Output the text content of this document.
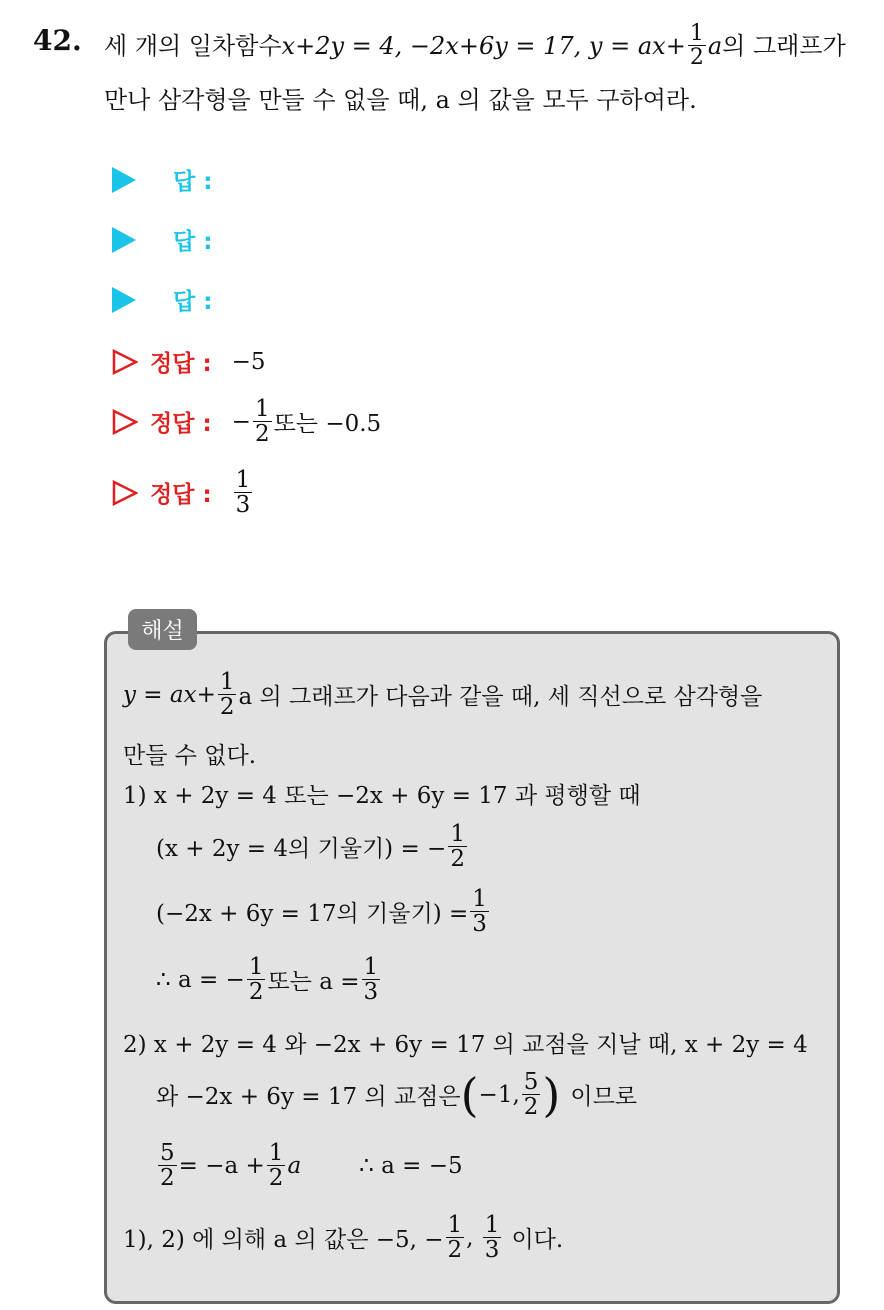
42. 세 개의 일차함수 x+2y = 4, −2x+6y = 17, $y = ax+ \frac{1}{2}$ a 의 그래프가
만나 삼각형을 만들 수 없을 때, a 의 값을 모두 구하여라.
답 :
답 :
답 :
정답 : −5
정답 : − $\frac{1}{2}$ 또는 −0.5
정답 : $\frac{1}{3}$
해설
$y = ax+ \frac{1}{2}$ a 의 그래프가 다음과 같을 때, 세 직선으로 삼각형을
만들 수 없다.
1) x + 2y = 4 또는 −2x + 6y = 17 과 평행할 때
(x + 2y = 4의 기울기) = − $\frac{1}{2}$
(−2x + 6y = 17의 기울기) = $\frac{1}{3}$
∴ a = − $\frac{1}{2}$ 또는 $a = \frac{1}{3}$
2) x + 2y = 4 와 −2x + 6y = 17 의 교점을 지날 때, x + 2y = 4
와 −2x + 6y = 17 의 교점은 ( −1, $\frac{5}{2}$ ) 이므로
$\frac{5}{2} = -a + \frac{1}{2}$ a	∴ a = −5
1), 2) 에 의해 a 의 값은 −5, − $\frac{1}{2}$ , $\frac{1}{3}$ 이다.
